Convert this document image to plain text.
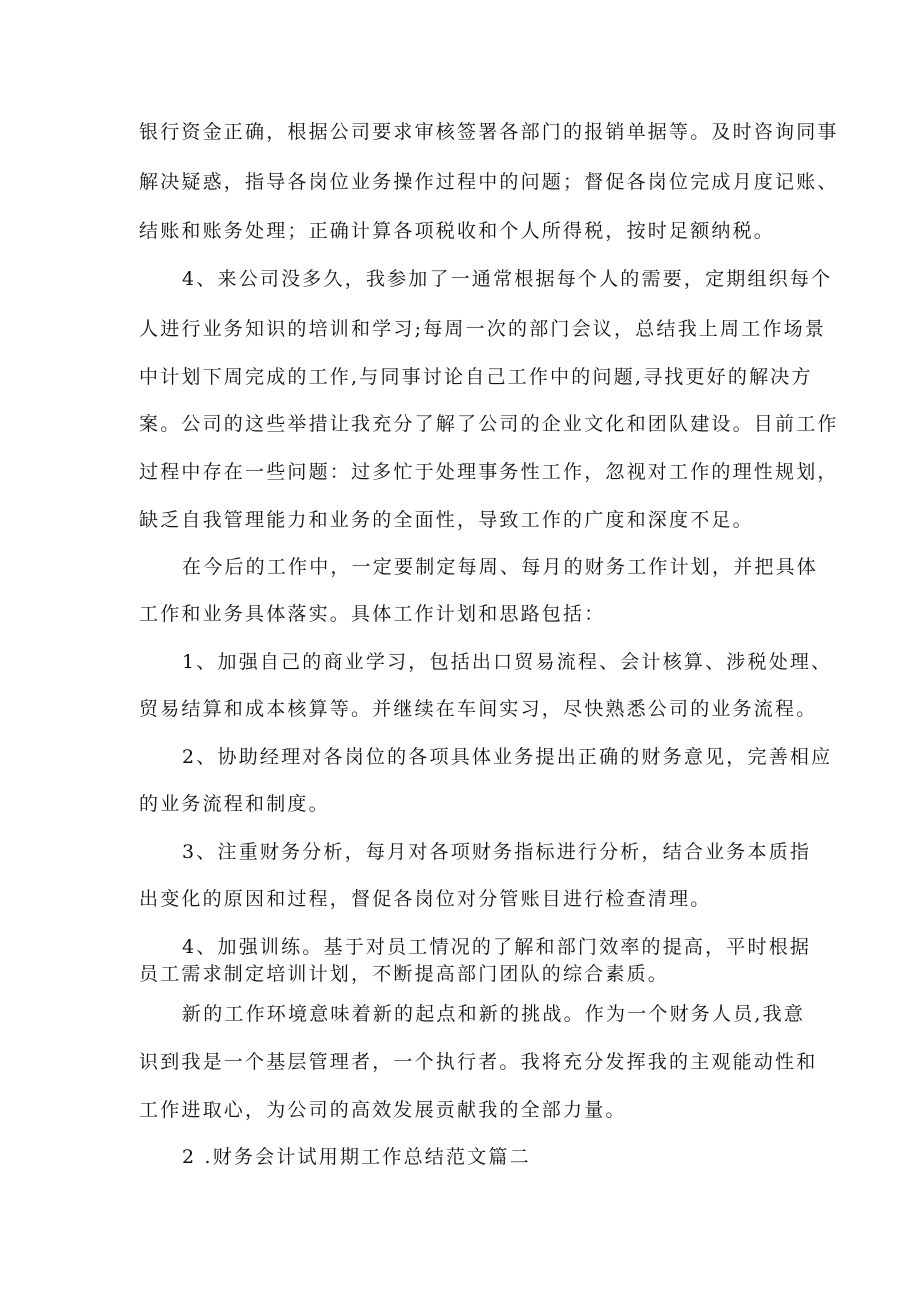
银行资金正确，根据公司要求审核签署各部门的报销单据等。及时咨询同事
解决疑惑，指导各岗位业务操作过程中的问题；督促各岗位完成月度记账、
结账和账务处理；正确计算各项税收和个人所得税，按时足额纳税。
4、来公司没多久，我参加了一通常根据每个人的需要，定期组织每个
人进行业务知识的培训和学习;每周一次的部门会议，总结我上周工作场景
中计划下周完成的工作,与同事讨论自己工作中的问题,寻找更好的解决方
案。公司的这些举措让我充分了解了公司的企业文化和团队建设。目前工作
过程中存在一些问题：过多忙于处理事务性工作，忽视对工作的理性规划，
缺乏自我管理能力和业务的全面性，导致工作的广度和深度不足。
在今后的工作中，一定要制定每周、每月的财务工作计划，并把具体
工作和业务具体落实。具体工作计划和思路包括：
1、加强自己的商业学习，包括出口贸易流程、会计核算、涉税处理、
贸易结算和成本核算等。并继续在车间实习，尽快熟悉公司的业务流程。
2、协助经理对各岗位的各项具体业务提出正确的财务意见，完善相应
的业务流程和制度。
3、注重财务分析，每月对各项财务指标进行分析，结合业务本质指
出变化的原因和过程，督促各岗位对分管账目进行检查清理。
4、加强训练。基于对员工情况的了解和部门效率的提高，平时根据
员工需求制定培训计划，不断提高部门团队的综合素质。
新的工作环境意味着新的起点和新的挑战。作为一个财务人员,我意
识到我是一个基层管理者，一个执行者。我将充分发挥我的主观能动性和
工作进取心，为公司的高效发展贡献我的全部力量。
2 .财务会计试用期工作总结范文篇二
